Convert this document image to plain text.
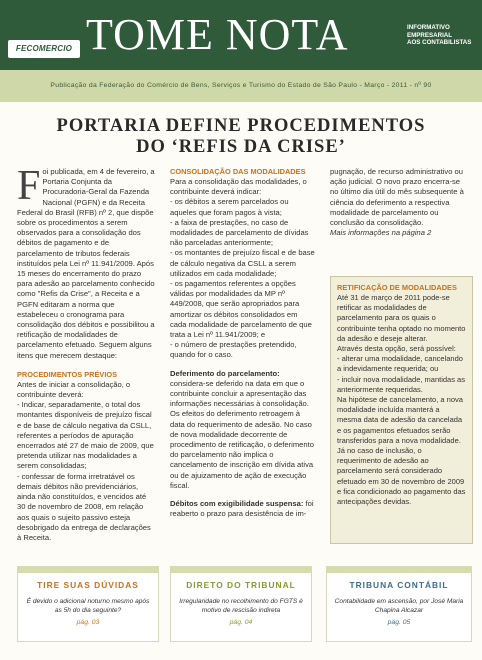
FECOMERCIO TOME NOTA	INFORMATIVO
EMPRESARIAL
AOS CONTABILISTAS
Publicação da Federação do Comércio de Bens, Serviços e Turismo do Estado de São Paulo - Março - 2011 - nº 90
PORTARIA DEFINE PROCEDIMENTOS
DO ‘REFIS DA CRISE’

Foi publicada, em 4 de fevereiro, a Portaria Conjunta da Procuradoria-Geral da Fazenda Nacional (PGFN) e da Receita Federal do Brasil (RFB) nº 2, que dispõe sobre os procedimentos a serem observados para a consolidação dos débitos de pagamento e de parcelamento de tributos federais instituídos pela Lei nº 11.941/2009. Após 15 meses do encerramento do prazo para adesão ao parcelamento conhecido como "Refis da Crise", a Receita e a PGFN editaram a norma que estabeleceu o cronograma para consolidação dos débitos e possibilitou a retificação de modalidades de parcelamento efetuado. Seguem alguns itens que merecem destaque:

PROCEDIMENTOS PRÉVIOS

Antes de iniciar a consolidação, o contribuinte deverá:

- Indicar, separadamente, o total dos montantes disponíveis de prejuízo fiscal e de base de cálculo negativa da CSLL, referentes a períodos de apuração encerrados até 27 de maio de 2009, que pretenda utilizar nas modalidades a serem consolidadas;

- confessar de forma irretratável os demais débitos não previdenciários, ainda não constituídos, e vencidos até 30 de novembro de 2008, em relação aos quais o sujeito passivo esteja desobrigado da entrega de declarações à Receita.

CONSOLIDAÇÃO DAS MODALIDADES

Para a consolidação das modalidades, o contribuinte deverá indicar:

- os débitos a serem parcelados ou aqueles que foram pagos à vista;

- a faixa de prestações, no caso de modalidades de parcelamento de dívidas não parceladas anteriormente;

- os montantes de prejuízo fiscal e de base de cálculo negativa da CSLL a serem utilizados em cada modalidade;

- os pagamentos referentes a opções válidas por modalidades da MP nº 449/2008, que serão apropriados para amortizar os débitos consolidados em cada modalidade de parcelamento de que trata a Lei nº 11.941/2009; e

- o número de prestações pretendido, quando for o caso.

Deferimento do parcelamento: considera-se deferido na data em que o contribuinte concluir a apresentação das informações necessárias à consolidação. Os efeitos do deferimento retroagem à data do requerimento de adesão. No caso de nova modalidade decorrente de procedimento de retificação, o deferimento do parcelamento não implica o cancelamento de inscrição em dívida ativa ou de ajuizamento de ação de execução fiscal.

Débitos com exigibilidade suspensa: foi reaberto o prazo para desistência de im-

pugnação, de recurso administrativo ou ação judicial. O novo prazo encerra-se no último dia útil do mês subsequente à ciência do deferimento a respectiva modalidade de parcelamento ou conclusão da consolidação.

Mais informações na página 2

RETIFICAÇÃO DE MODALIDADES

Até 31 de março de 2011 pode-se retificar as modalidades de parcelamento para os quais o contribuinte tenha optado no momento da adesão e deseje alterar.

Através desta opção, será possível:

- alterar uma modalidade, cancelando a indevidamente requerida; ou

- incluir nova modalidade, mantidas as anteriormente requeridas.

Na hipótese de cancelamento, a nova modalidade incluída manterá a mesma data de adesão da cancelada e os pagamentos efetuados serão transferidos para a nova modalidade.

Já no caso de inclusão, o requerimento de adesão ao parcelamento será considerado efetuado em 30 de novembro de 2009 e fica condicionado ao pagamento das antecipações devidas.

TIRE SUAS DÚVIDAS
É devido o adicional noturno mesmo após as 5h do dia seguinte?
pág. 03
DIRETO DO TRIBUNAL
Irregularidade no recolhimento do FGTS é motivo de rescisão indireta
pág. 04
TRIBUNA CONTÁBIL
Contabilidade em ascensão, por José Maria Chapina Alcazar
pág. 05
